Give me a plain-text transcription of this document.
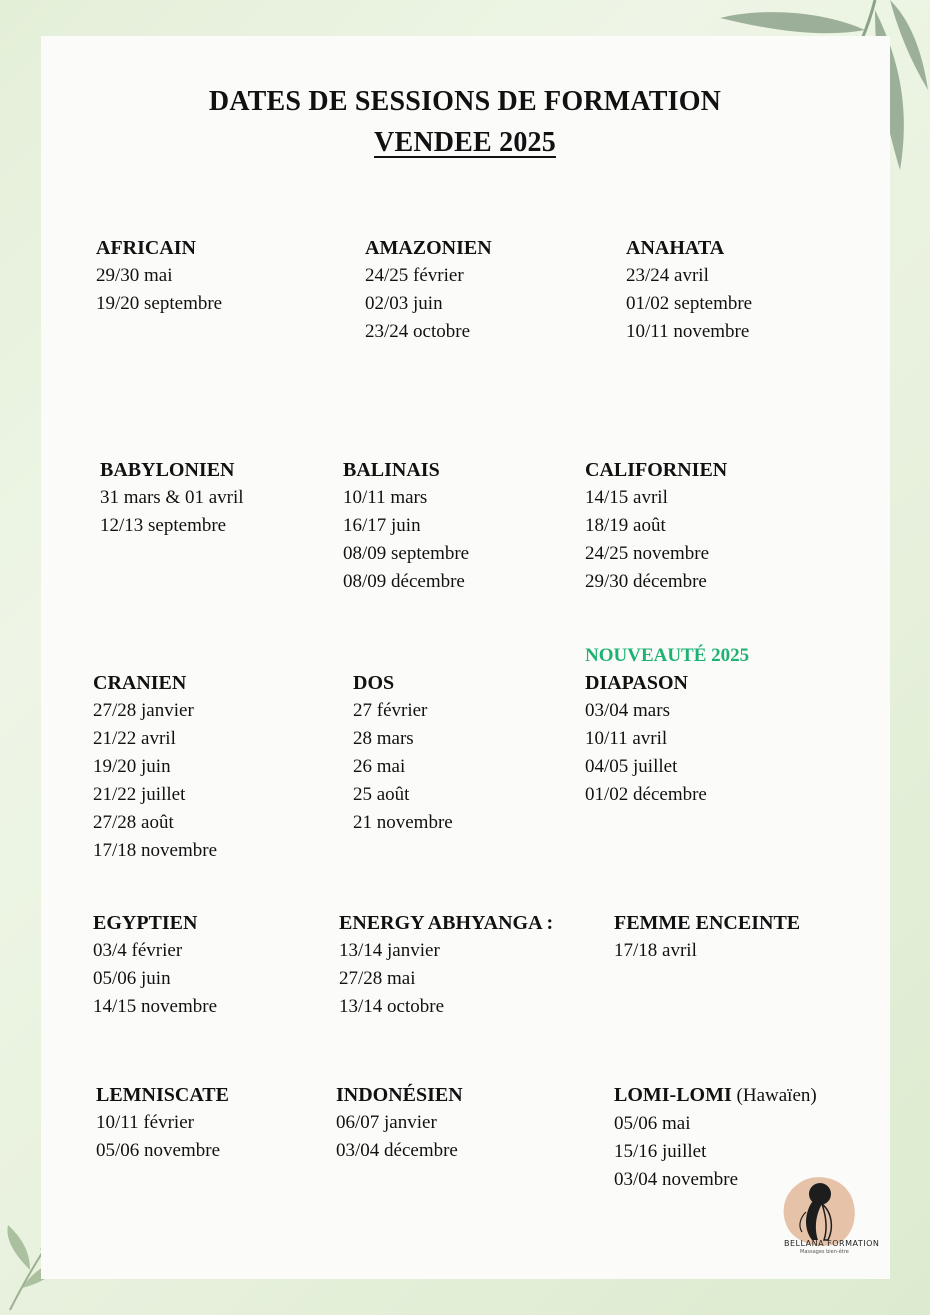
DATES DE SESSIONS DE FORMATION
VENDEE 2025
AFRICAIN
29/30 mai
19/20 septembre
AMAZONIEN
24/25 février
02/03 juin
23/24 octobre
ANAHATA
23/24 avril
01/02 septembre
10/11 novembre
BABYLONIEN
31 mars & 01 avril
12/13 septembre
BALINAIS
10/11 mars
16/17 juin
08/09 septembre
08/09 décembre
CALIFORNIEN
14/15 avril
18/19 août
24/25 novembre
29/30 décembre
NOUVEAUTÉ 2025
CRANIEN
27/28 janvier
21/22 avril
19/20 juin
21/22 juillet
27/28 août
17/18 novembre
DOS
27 février
28 mars
26 mai
25 août
21 novembre
DIAPASON
03/04 mars
10/11 avril
04/05 juillet
01/02 décembre
EGYPTIEN
03/4 février
05/06 juin
14/15 novembre
ENERGY ABHYANGA :
13/14 janvier
27/28 mai
13/14 octobre
FEMME ENCEINTE
17/18 avril
LEMNISCATE
10/11 février
05/06 novembre
INDONÉSIEN
06/07 janvier
03/04 décembre
LOMI-LOMI (Hawaïen)
05/06 mai
15/16 juillet
03/04 novembre
BELLANA FORMATION
Massages bien-être
